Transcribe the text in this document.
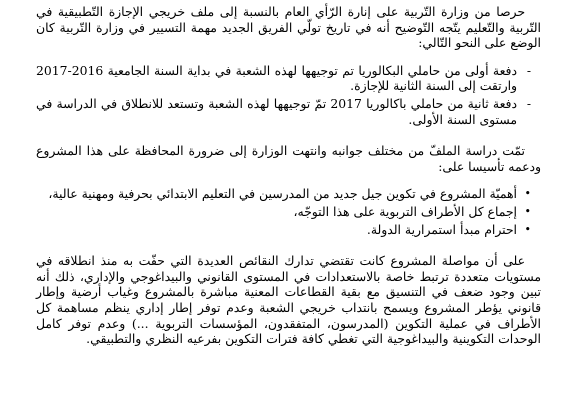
حرصا من وزارة التّربية على إنارة الرّأي العام بالنسبة إلى ملف خريجي الإجازة التّطبيقية في التّربية والتّعليم يتّجه التّوضيح أنه في تاريخ تولّي الفريق الجديد مهمة التسيير في وزارة التّربية كان الوضع على النحو التّالي:

- دفعة أولى من حاملي البكالوريا تم توجيهها لهذه الشعبة في بداية السنة الجامعية 2016-2017 وارتقت إلى السنة الثانية للإجازة.
- دفعة ثانية من حاملي باكالوريا 2017 تمّ توجيهها لهذه الشعبة وتستعد للانطلاق في الدراسة في مستوى السنة الأولى.

تمّت دراسة الملفّ من مختلف جوانبه وانتهت الوزارة إلى ضرورة المحافظة على هذا المشروع ودعمه تأسيسا على:

• أهميّة المشروع في تكوين جيل جديد من المدرسين في التعليم الابتدائي بحرفية ومهنية عالية،
• إجماع كل الأطراف التربوية على هذا التوجّه،
• احترام مبدأ استمرارية الدولة.

على أن مواصلة المشروع كانت تقتضي تدارك النقائص العديدة التي حفّت به منذ انطلاقه في مستويات متعددة ترتبط خاصة بالاستعدادات في المستوى القانوني والبيداغوجي والإداري، ذلك أنه تبين وجود ضعف في التنسيق مع بقية القطاعات المعنية مباشرة بالمشروع وغياب أرضية وإطار قانوني يؤطر المشروع ويسمح بانتداب خريجي الشعبة وعدم توفر إطار إداري ينظم مساهمة كل الأطراف في عملية التكوين (المدرسون، المتفقدون، المؤسسات التربوية ...) وعدم توفر كامل الوحدات التكوينية والبيداغوجية التي تغطي كافة فترات التكوين بفرعيه النظري والتطبيقي.
